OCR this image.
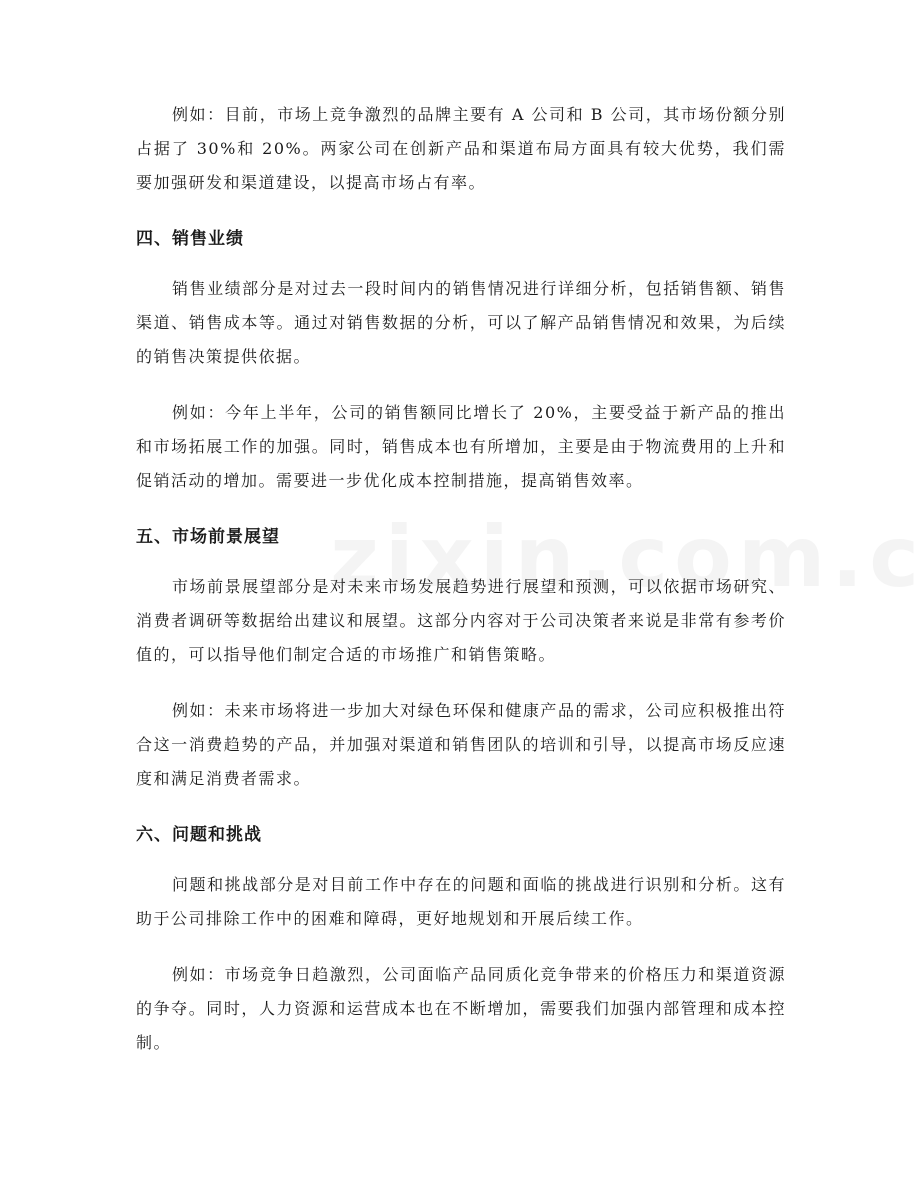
例如：目前，市场上竞争激烈的品牌主要有 A 公司和 B 公司，其市场份额分别占据了 30%和 20%。两家公司在创新产品和渠道布局方面具有较大优势，我们需要加强研发和渠道建设，以提高市场占有率。

四、销售业绩

销售业绩部分是对过去一段时间内的销售情况进行详细分析，包括销售额、销售渠道、销售成本等。通过对销售数据的分析，可以了解产品销售情况和效果，为后续的销售决策提供依据。

例如：今年上半年，公司的销售额同比增长了 20%，主要受益于新产品的推出和市场拓展工作的加强。同时，销售成本也有所增加，主要是由于物流费用的上升和促销活动的增加。需要进一步优化成本控制措施，提高销售效率。

五、市场前景展望

市场前景展望部分是对未来市场发展趋势进行展望和预测，可以依据市场研究、消费者调研等数据给出建议和展望。这部分内容对于公司决策者来说是非常有参考价值的，可以指导他们制定合适的市场推广和销售策略。

例如：未来市场将进一步加大对绿色环保和健康产品的需求，公司应积极推出符合这一消费趋势的产品，并加强对渠道和销售团队的培训和引导，以提高市场反应速度和满足消费者需求。

六、问题和挑战

问题和挑战部分是对目前工作中存在的问题和面临的挑战进行识别和分析。这有助于公司排除工作中的困难和障碍，更好地规划和开展后续工作。

例如：市场竞争日趋激烈，公司面临产品同质化竞争带来的价格压力和渠道资源的争夺。同时，人力资源和运营成本也在不断增加，需要我们加强内部管理和成本控制。
